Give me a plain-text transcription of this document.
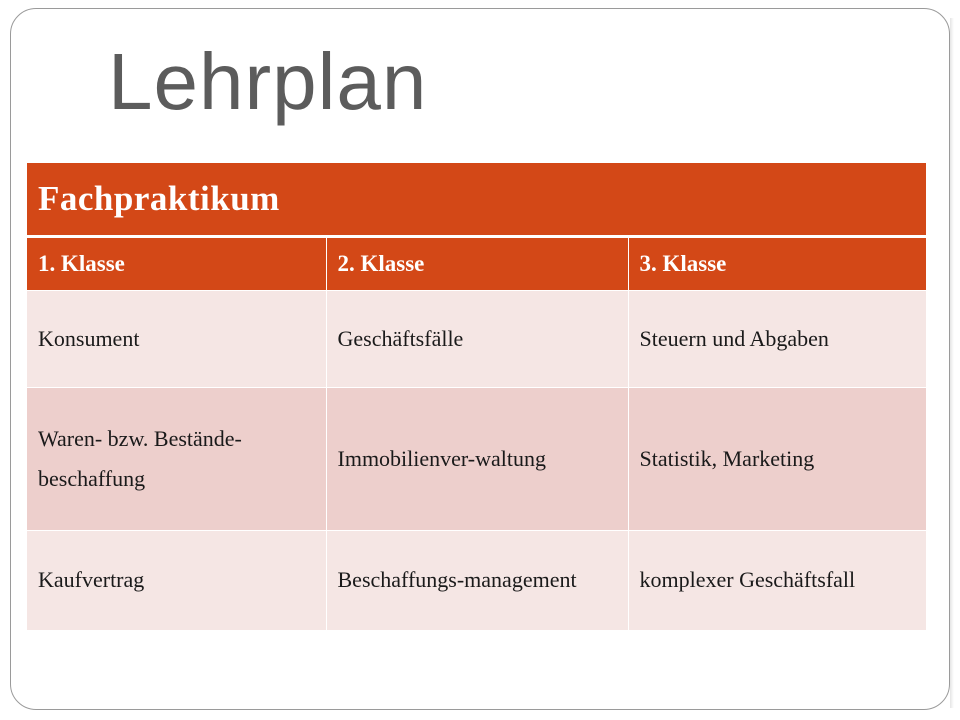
Lehrplan
Fachpraktikum		
1. Klasse	2. Klasse	3. Klasse
Konsument	Geschäftsfälle	Steuern und Abgaben
Waren- bzw. Bestände-beschaffung	Immobilienver-waltung	Statistik, Marketing
Kaufvertrag	Beschaffungs-management	komplexer Geschäftsfall
